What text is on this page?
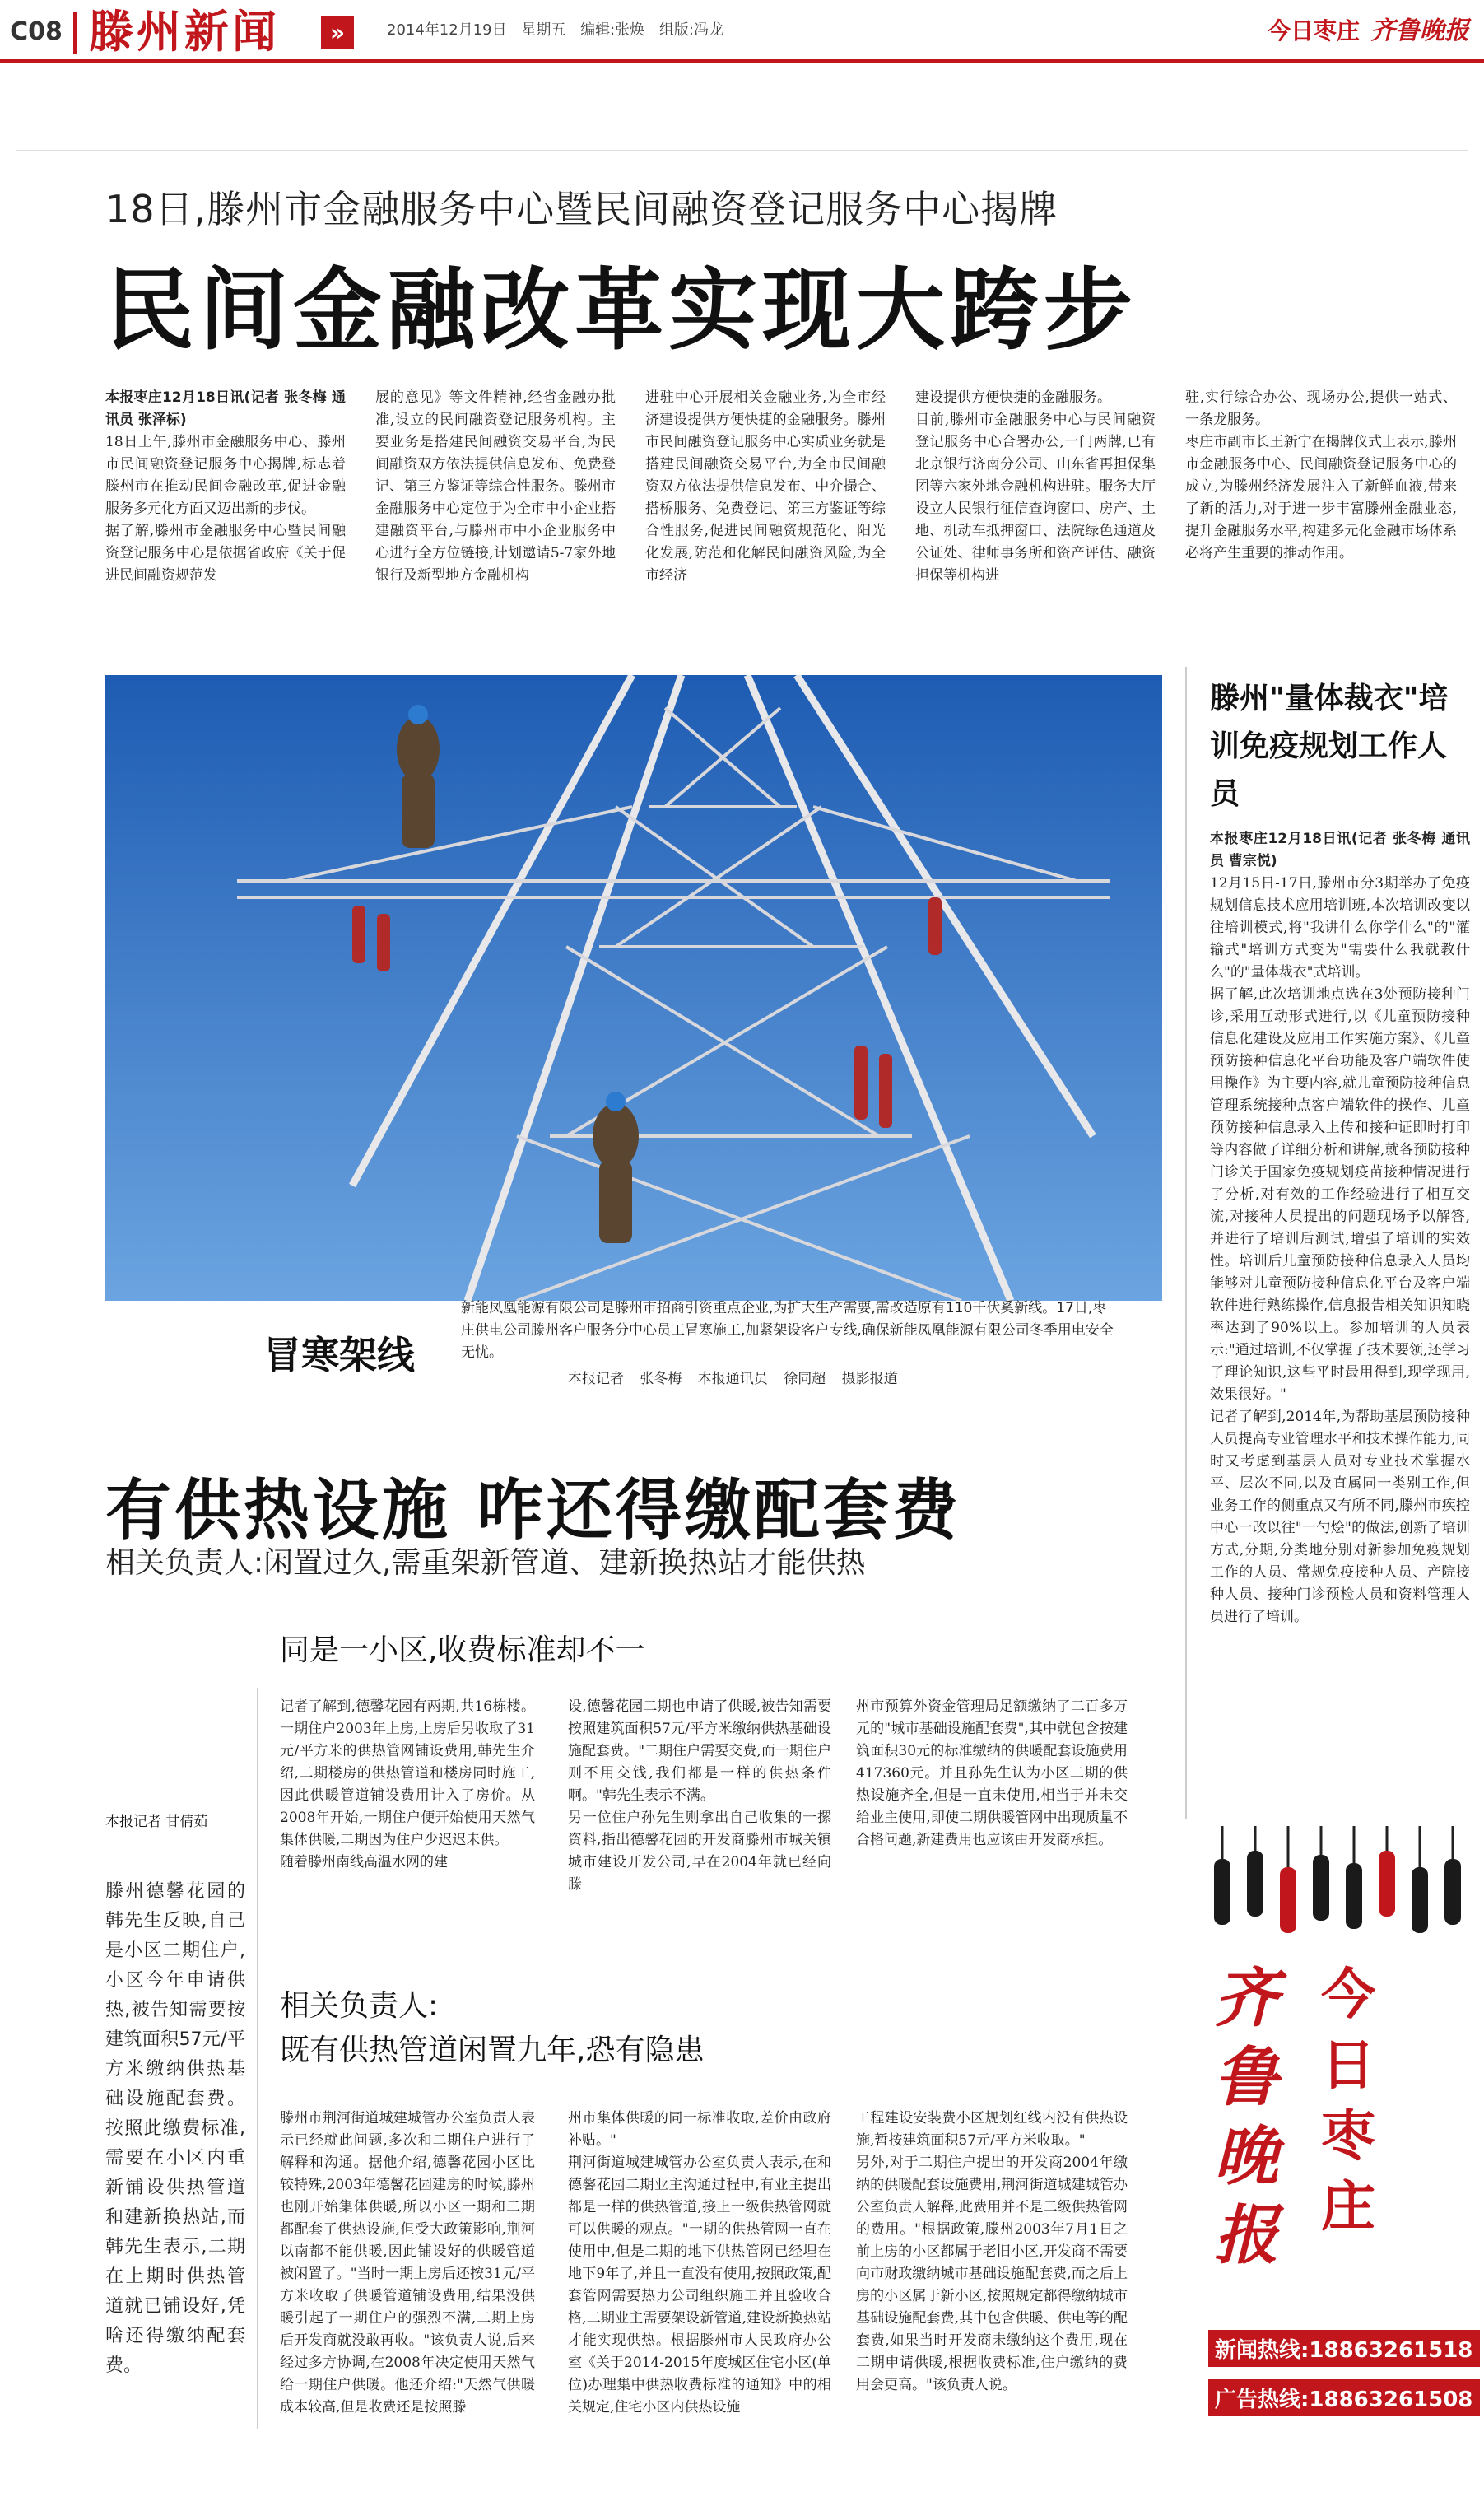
C08 滕州新闻	»	2014年12月19日 星期五 编辑:张焕 组版:冯龙	今日枣庄 齐鲁晚报
18日,滕州市金融服务中心暨民间融资登记服务中心揭牌
民间金融改革实现大跨步
本报枣庄12月18日讯(记者 张冬梅 通讯员 张泽标)
18日上午,滕州市金融服务中心、滕州市民间融资登记服务中心揭牌,标志着滕州市在推动民间金融改革,促进金融服务多元化方面又迈出新的步伐。
据了解,滕州市金融服务中心暨民间融资登记服务中心是依据省政府《关于促进民间融资规范发
展的意见》等文件精神,经省金融办批准,设立的民间融资登记服务机构。主要业务是搭建民间融资交易平台,为民间融资双方依法提供信息发布、免费登记、第三方鉴证等综合性服务。滕州市金融服务中心定位于为全市中小企业搭建融资平台,与滕州市中小企业服务中心进行全方位链接,计划邀请5-7家外地银行及新型地方金融机构
进驻中心开展相关金融业务,为全市经济建设提供方便快捷的金融服务。滕州市民间融资登记服务中心实质业务就是搭建民间融资交易平台,为全市民间融资双方依法提供信息发布、中介撮合、搭桥服务、免费登记、第三方鉴证等综合性服务,促进民间融资规范化、阳光化发展,防范和化解民间融资风险,为全市经济
建设提供方便快捷的金融服务。
目前,滕州市金融服务中心与民间融资登记服务中心合署办公,一门两牌,已有北京银行济南分公司、山东省再担保集团等六家外地金融机构进驻。服务大厅设立人民银行征信查询窗口、房产、土地、机动车抵押窗口、法院绿色通道及公证处、律师事务所和资产评估、融资担保等机构进
驻,实行综合办公、现场办公,提供一站式、一条龙服务。
枣庄市副市长王新宁在揭牌仪式上表示,滕州市金融服务中心、民间融资登记服务中心的成立,为滕州经济发展注入了新鲜血液,带来了新的活力,对于进一步丰富滕州金融业态,提升金融服务水平,构建多元化金融市场体系必将产生重要的推动作用。
冒寒架线
新能凤凰能源有限公司是滕州市招商引资重点企业,为扩大生产需要,需改造原有110千伏奚新线。17日,枣庄供电公司滕州客户服务分中心员工冒寒施工,加紧架设客户专线,确保新能凤凰能源有限公司冬季用电安全无忧。
本报记者 张冬梅 本报通讯员 徐同超 摄影报道
有供热设施 咋还得缴配套费
相关负责人:闲置过久,需重架新管道、建新换热站才能供热
本报记者 甘倩茹
滕州德馨花园的韩先生反映,自己是小区二期住户,小区今年申请供热,被告知需要按建筑面积57元/平方米缴纳供热基础设施配套费。按照此缴费标准,需要在小区内重新铺设供热管道和建新换热站,而韩先生表示,二期在上期时供热管道就已铺设好,凭啥还得缴纳配套费。
同是一小区,收费标准却不一
记者了解到,德馨花园有两期,共16栋楼。一期住户2003年上房,上房后另收取了31元/平方米的供热管网铺设费用,韩先生介绍,二期楼房的供热管道和楼房同时施工,因此供暖管道铺设费用计入了房价。从2008年开始,一期住户便开始使用天然气集体供暖,二期因为住户少迟迟未供。
随着滕州南线高温水网的建
设,德馨花园二期也申请了供暖,被告知需要按照建筑面积57元/平方米缴纳供热基础设施配套费。"二期住户需要交费,而一期住户则不用交钱,我们都是一样的供热条件啊。"韩先生表示不满。
另一位住户孙先生则拿出自己收集的一摞资料,指出德馨花园的开发商滕州市城关镇城市建设开发公司,早在2004年就已经向滕
州市预算外资金管理局足额缴纳了二百多万元的"城市基础设施配套费",其中就包含按建筑面积30元的标准缴纳的供暖配套设施费用417360元。并且孙先生认为小区二期的供热设施齐全,但是一直未使用,相当于并未交给业主使用,即使二期供暖管网中出现质量不合格问题,新建费用也应该由开发商承担。
相关负责人:
既有供热管道闲置九年,恐有隐患
滕州市荆河街道城建城管办公室负责人表示已经就此问题,多次和二期住户进行了解释和沟通。据他介绍,德馨花园小区比较特殊,2003年德馨花园建房的时候,滕州也刚开始集体供暖,所以小区一期和二期都配套了供热设施,但受大政策影响,荆河以南都不能供暖,因此铺设好的供暖管道被闲置了。"当时一期上房后还按31元/平方米收取了供暖管道铺设费用,结果没供暖引起了一期住户的强烈不满,二期上房后开发商就没敢再收。"该负责人说,后来经过多方协调,在2008年决定使用天然气给一期住户供暖。他还介绍:"天然气供暖成本较高,但是收费还是按照滕
州市集体供暖的同一标准收取,差价由政府补贴。"
荆河街道城建城管办公室负责人表示,在和德馨花园二期业主沟通过程中,有业主提出都是一样的供热管道,接上一级供热管网就可以供暖的观点。"一期的供热管网一直在使用中,但是二期的地下供热管网已经埋在地下9年了,并且一直没有使用,按照政策,配套管网需要热力公司组织施工并且验收合格,二期业主需要架设新管道,建设新换热站才能实现供热。根据滕州市人民政府办公室《关于2014-2015年度城区住宅小区(单位)办理集中供热收费标准的通知》中的相关规定,住宅小区内供热设施
工程建设安装费小区规划红线内没有供热设施,暂按建筑面积57元/平方米收取。"
另外,对于二期住户提出的开发商2004年缴纳的供暖配套设施费用,荆河街道城建城管办公室负责人解释,此费用并不是二级供热管网的费用。"根据政策,滕州2003年7月1日之前上房的小区都属于老旧小区,开发商不需要向市财政缴纳城市基础设施配套费,而之后上房的小区属于新小区,按照规定都得缴纳城市基础设施配套费,其中包含供暖、供电等的配套费,如果当时开发商未缴纳这个费用,现在二期申请供暖,根据收费标准,住户缴纳的费用会更高。"该负责人说。
滕州"量体裁衣"培训免疫规划工作人员
本报枣庄12月18日讯(记者 张冬梅 通讯员 曹宗悦)
12月15日-17日,滕州市分3期举办了免疫规划信息技术应用培训班,本次培训改变以往培训模式,将"我讲什么你学什么"的"灌输式"培训方式变为"需要什么我就教什么"的"量体裁衣"式培训。
据了解,此次培训地点选在3处预防接种门诊,采用互动形式进行,以《儿童预防接种信息化建设及应用工作实施方案》、《儿童预防接种信息化平台功能及客户端软件使用操作》为主要内容,就儿童预防接种信息管理系统接种点客户端软件的操作、儿童预防接种信息录入上传和接种证即时打印等内容做了详细分析和讲解,就各预防接种门诊关于国家免疫规划疫苗接种情况进行了分析,对有效的工作经验进行了相互交流,对接种人员提出的问题现场予以解答,并进行了培训后测试,增强了培训的实效性。培训后儿童预防接种信息录入人员均能够对儿童预防接种信息化平台及客户端软件进行熟练操作,信息报告相关知识知晓率达到了90%以上。参加培训的人员表示:"通过培训,不仅掌握了技术要领,还学习了理论知识,这些平时最用得到,现学现用,效果很好。"
记者了解到,2014年,为帮助基层预防接种人员提高专业管理水平和技术操作能力,同时又考虑到基层人员对专业技术掌握水平、层次不同,以及直属同一类别工作,但业务工作的侧重点又有所不同,滕州市疾控中心一改以往"一勺烩"的做法,创新了培训方式,分期,分类地分别对新参加免疫规划工作的人员、常规免疫接种人员、产院接种人员、接种门诊预检人员和资料管理人员进行了培训。
齐鲁晚报
今日枣庄
新闻热线:18863261518
广告热线:18863261508
